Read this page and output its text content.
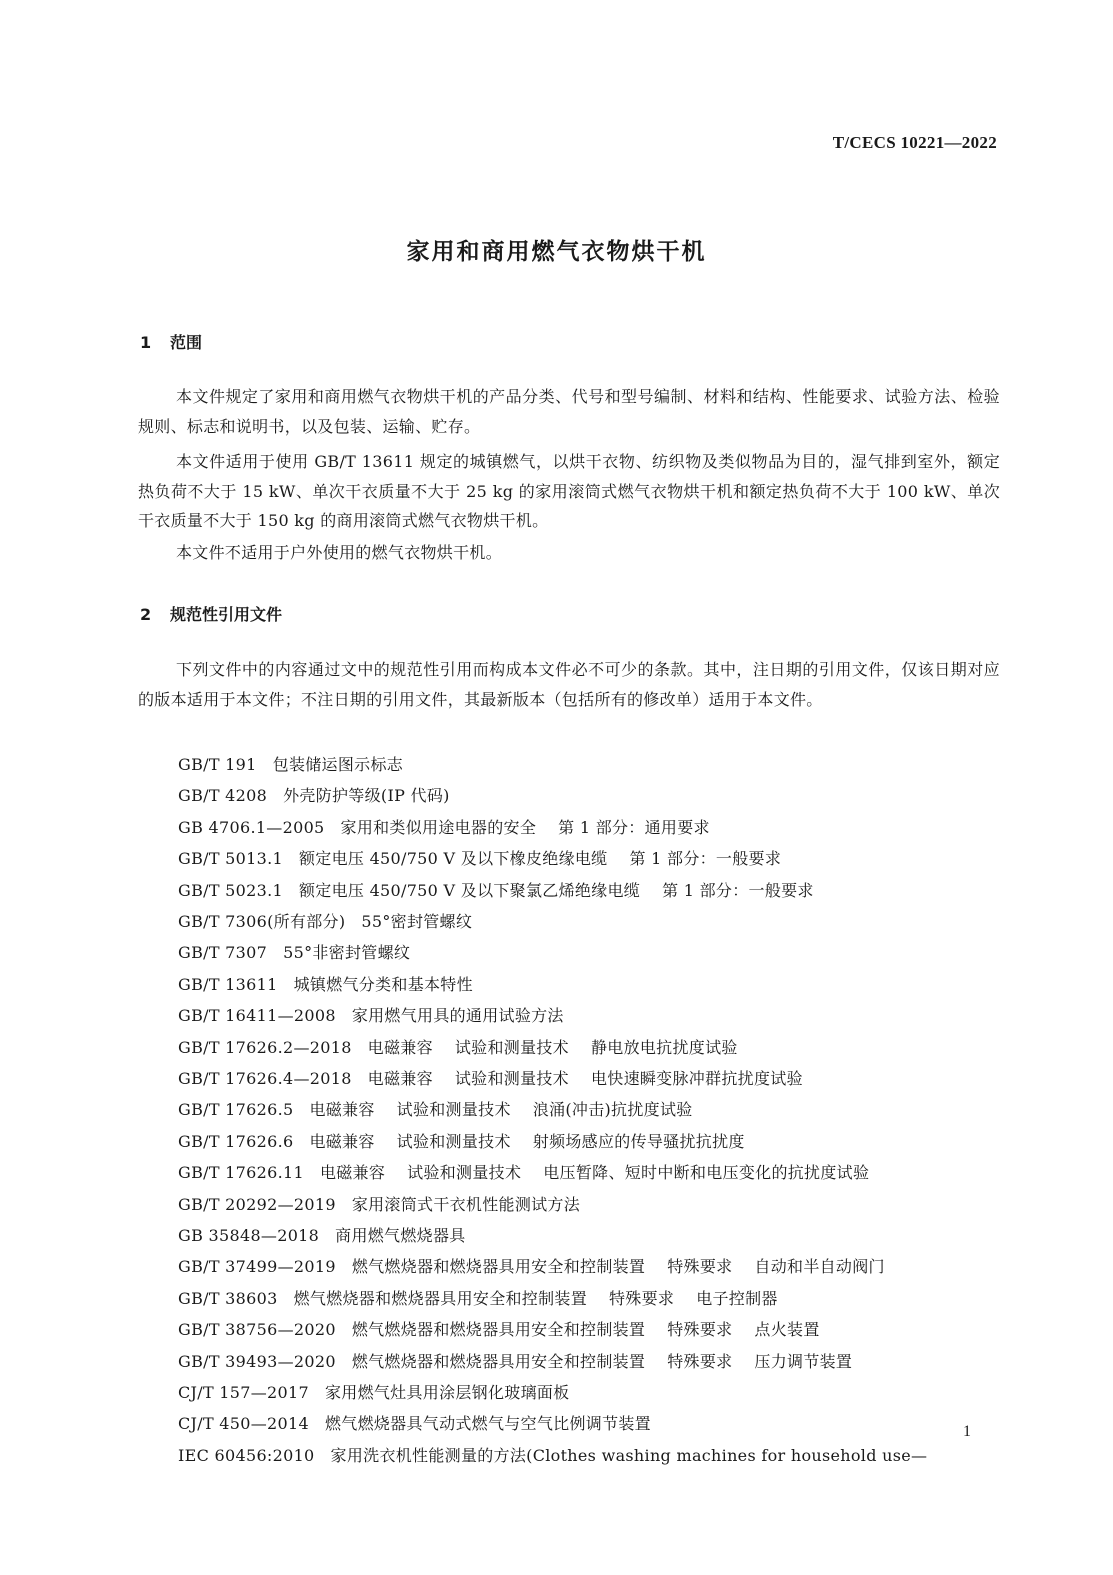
T/CECS 10221—2022
家用和商用燃气衣物烘干机
1 范围
本文件规定了家用和商用燃气衣物烘干机的产品分类、代号和型号编制、材料和结构、性能要求、试验方法、检验规则、标志和说明书，以及包装、运输、贮存。
本文件适用于使用 GB/T 13611 规定的城镇燃气，以烘干衣物、纺织物及类似物品为目的，湿气排到室外，额定热负荷不大于 15 kW、单次干衣质量不大于 25 kg 的家用滚筒式燃气衣物烘干机和额定热负荷不大于 100 kW、单次干衣质量不大于 150 kg 的商用滚筒式燃气衣物烘干机。
本文件不适用于户外使用的燃气衣物烘干机。
2 规范性引用文件
下列文件中的内容通过文中的规范性引用而构成本文件必不可少的条款。其中，注日期的引用文件，仅该日期对应的版本适用于本文件；不注日期的引用文件，其最新版本（包括所有的修改单）适用于本文件。
GB/T 191 包装储运图示标志
GB/T 4208 外壳防护等级(IP 代码)
GB 4706.1—2005 家用和类似用途电器的安全 第 1 部分：通用要求
GB/T 5013.1 额定电压 450/750 V 及以下橡皮绝缘电缆 第 1 部分：一般要求
GB/T 5023.1 额定电压 450/750 V 及以下聚氯乙烯绝缘电缆 第 1 部分：一般要求
GB/T 7306(所有部分) 55°密封管螺纹
GB/T 7307 55°非密封管螺纹
GB/T 13611 城镇燃气分类和基本特性
GB/T 16411—2008 家用燃气用具的通用试验方法
GB/T 17626.2—2018 电磁兼容 试验和测量技术 静电放电抗扰度试验
GB/T 17626.4—2018 电磁兼容 试验和测量技术 电快速瞬变脉冲群抗扰度试验
GB/T 17626.5 电磁兼容 试验和测量技术 浪涌(冲击)抗扰度试验
GB/T 17626.6 电磁兼容 试验和测量技术 射频场感应的传导骚扰抗扰度
GB/T 17626.11 电磁兼容 试验和测量技术 电压暂降、短时中断和电压变化的抗扰度试验
GB/T 20292—2019 家用滚筒式干衣机性能测试方法
GB 35848—2018 商用燃气燃烧器具
GB/T 37499—2019 燃气燃烧器和燃烧器具用安全和控制装置 特殊要求 自动和半自动阀门
GB/T 38603 燃气燃烧器和燃烧器具用安全和控制装置 特殊要求 电子控制器
GB/T 38756—2020 燃气燃烧器和燃烧器具用安全和控制装置 特殊要求 点火装置
GB/T 39493—2020 燃气燃烧器和燃烧器具用安全和控制装置 特殊要求 压力调节装置
CJ/T 157—2017 家用燃气灶具用涂层钢化玻璃面板
CJ/T 450—2014 燃气燃烧器具气动式燃气与空气比例调节装置
IEC 60456:2010 家用洗衣机性能测量的方法(Clothes washing machines for household use—
1
